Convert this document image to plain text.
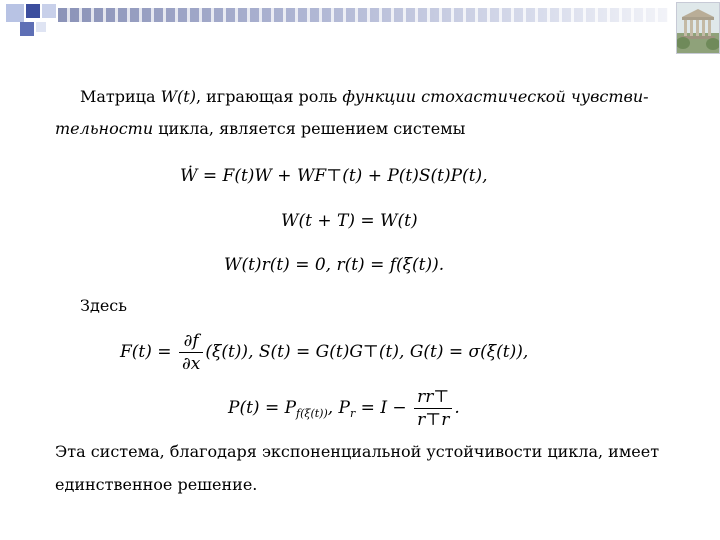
Матрица W(t), играющая роль функции стохастической чувстви-
тельности цикла, является решением системы
Ẇ = F(t)W + WF⊤(t) + P(t)S(t)P(t),
W(t + T) = W(t)
W(t)r(t) = 0, r(t) = f(ξ(t)).
Здесь
$F(t) = \frac{\partial f}{\partial x} (\xi(t))$, S(t) = G(t)G⊤(t), G(t) = σ(ξ(t)),
$P(t) = P_{f(\xi(t))}$, $P_r = I - \frac{rr⊤}{r⊤r}$ .
Эта система, благодаря экспоненциальной устойчивости цикла, имеет
единственное решение.
